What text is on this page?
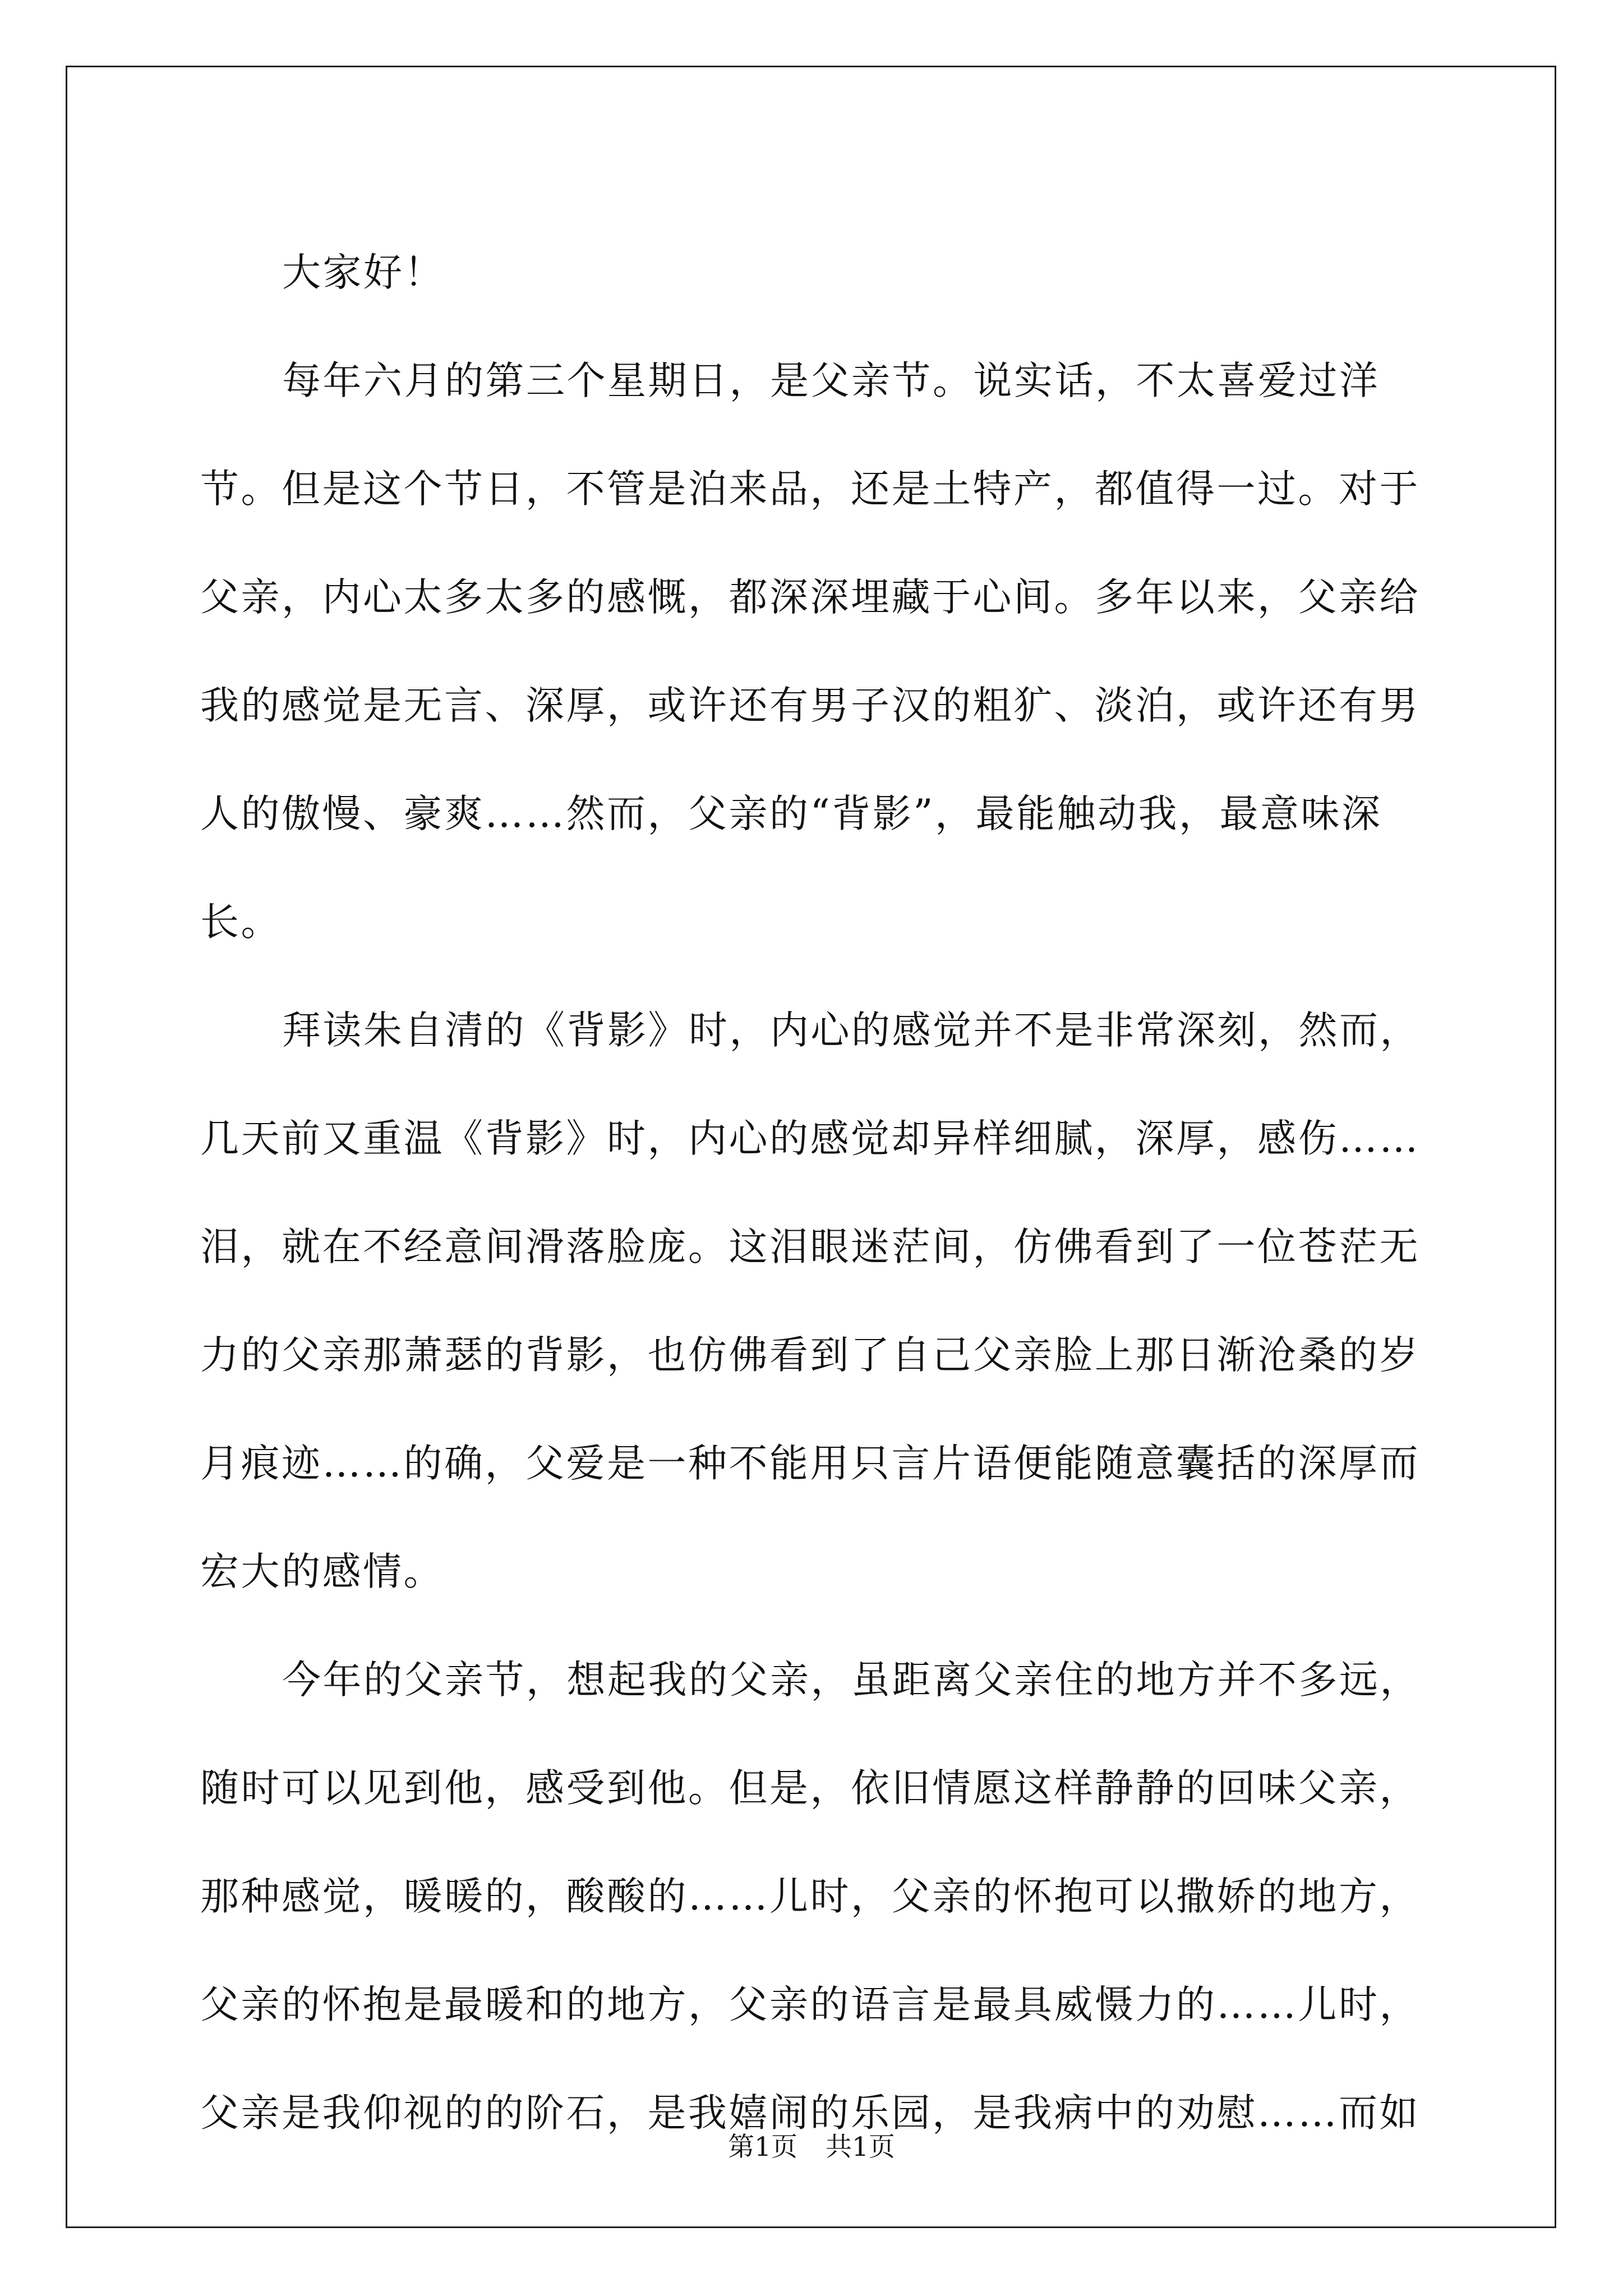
大家好！

每年六月的第三个星期日，是父亲节。说实话，不太喜爱过洋节。但是这个节日，不管是泊来品，还是土特产，都值得一过。对于父亲，内心太多太多的感慨，都深深埋藏于心间。多年以来，父亲给我的感觉是无言、深厚，或许还有男子汉的粗犷、淡泊，或许还有男人的傲慢、豪爽……然而，父亲的“背影”，最能触动我，最意味深长。

拜读朱自清的《背影》时，内心的感觉并不是非常深刻，然而，几天前又重温《背影》时，内心的感觉却异样细腻，深厚，感伤……泪，就在不经意间滑落脸庞。这泪眼迷茫间，仿佛看到了一位苍茫无力的父亲那萧瑟的背影，也仿佛看到了自己父亲脸上那日渐沧桑的岁月痕迹……的确，父爱是一种不能用只言片语便能随意囊括的深厚而宏大的感情。

今年的父亲节，想起我的父亲，虽距离父亲住的地方并不多远，随时可以见到他，感受到他。但是，依旧情愿这样静静的回味父亲，那种感觉，暖暖的，酸酸的……儿时，父亲的怀抱可以撒娇的地方，父亲的怀抱是最暖和的地方，父亲的语言是最具威慑力的……儿时，父亲是我仰视的的阶石，是我嬉闹的乐园，是我病中的劝慰……而如

第1页 共1页
